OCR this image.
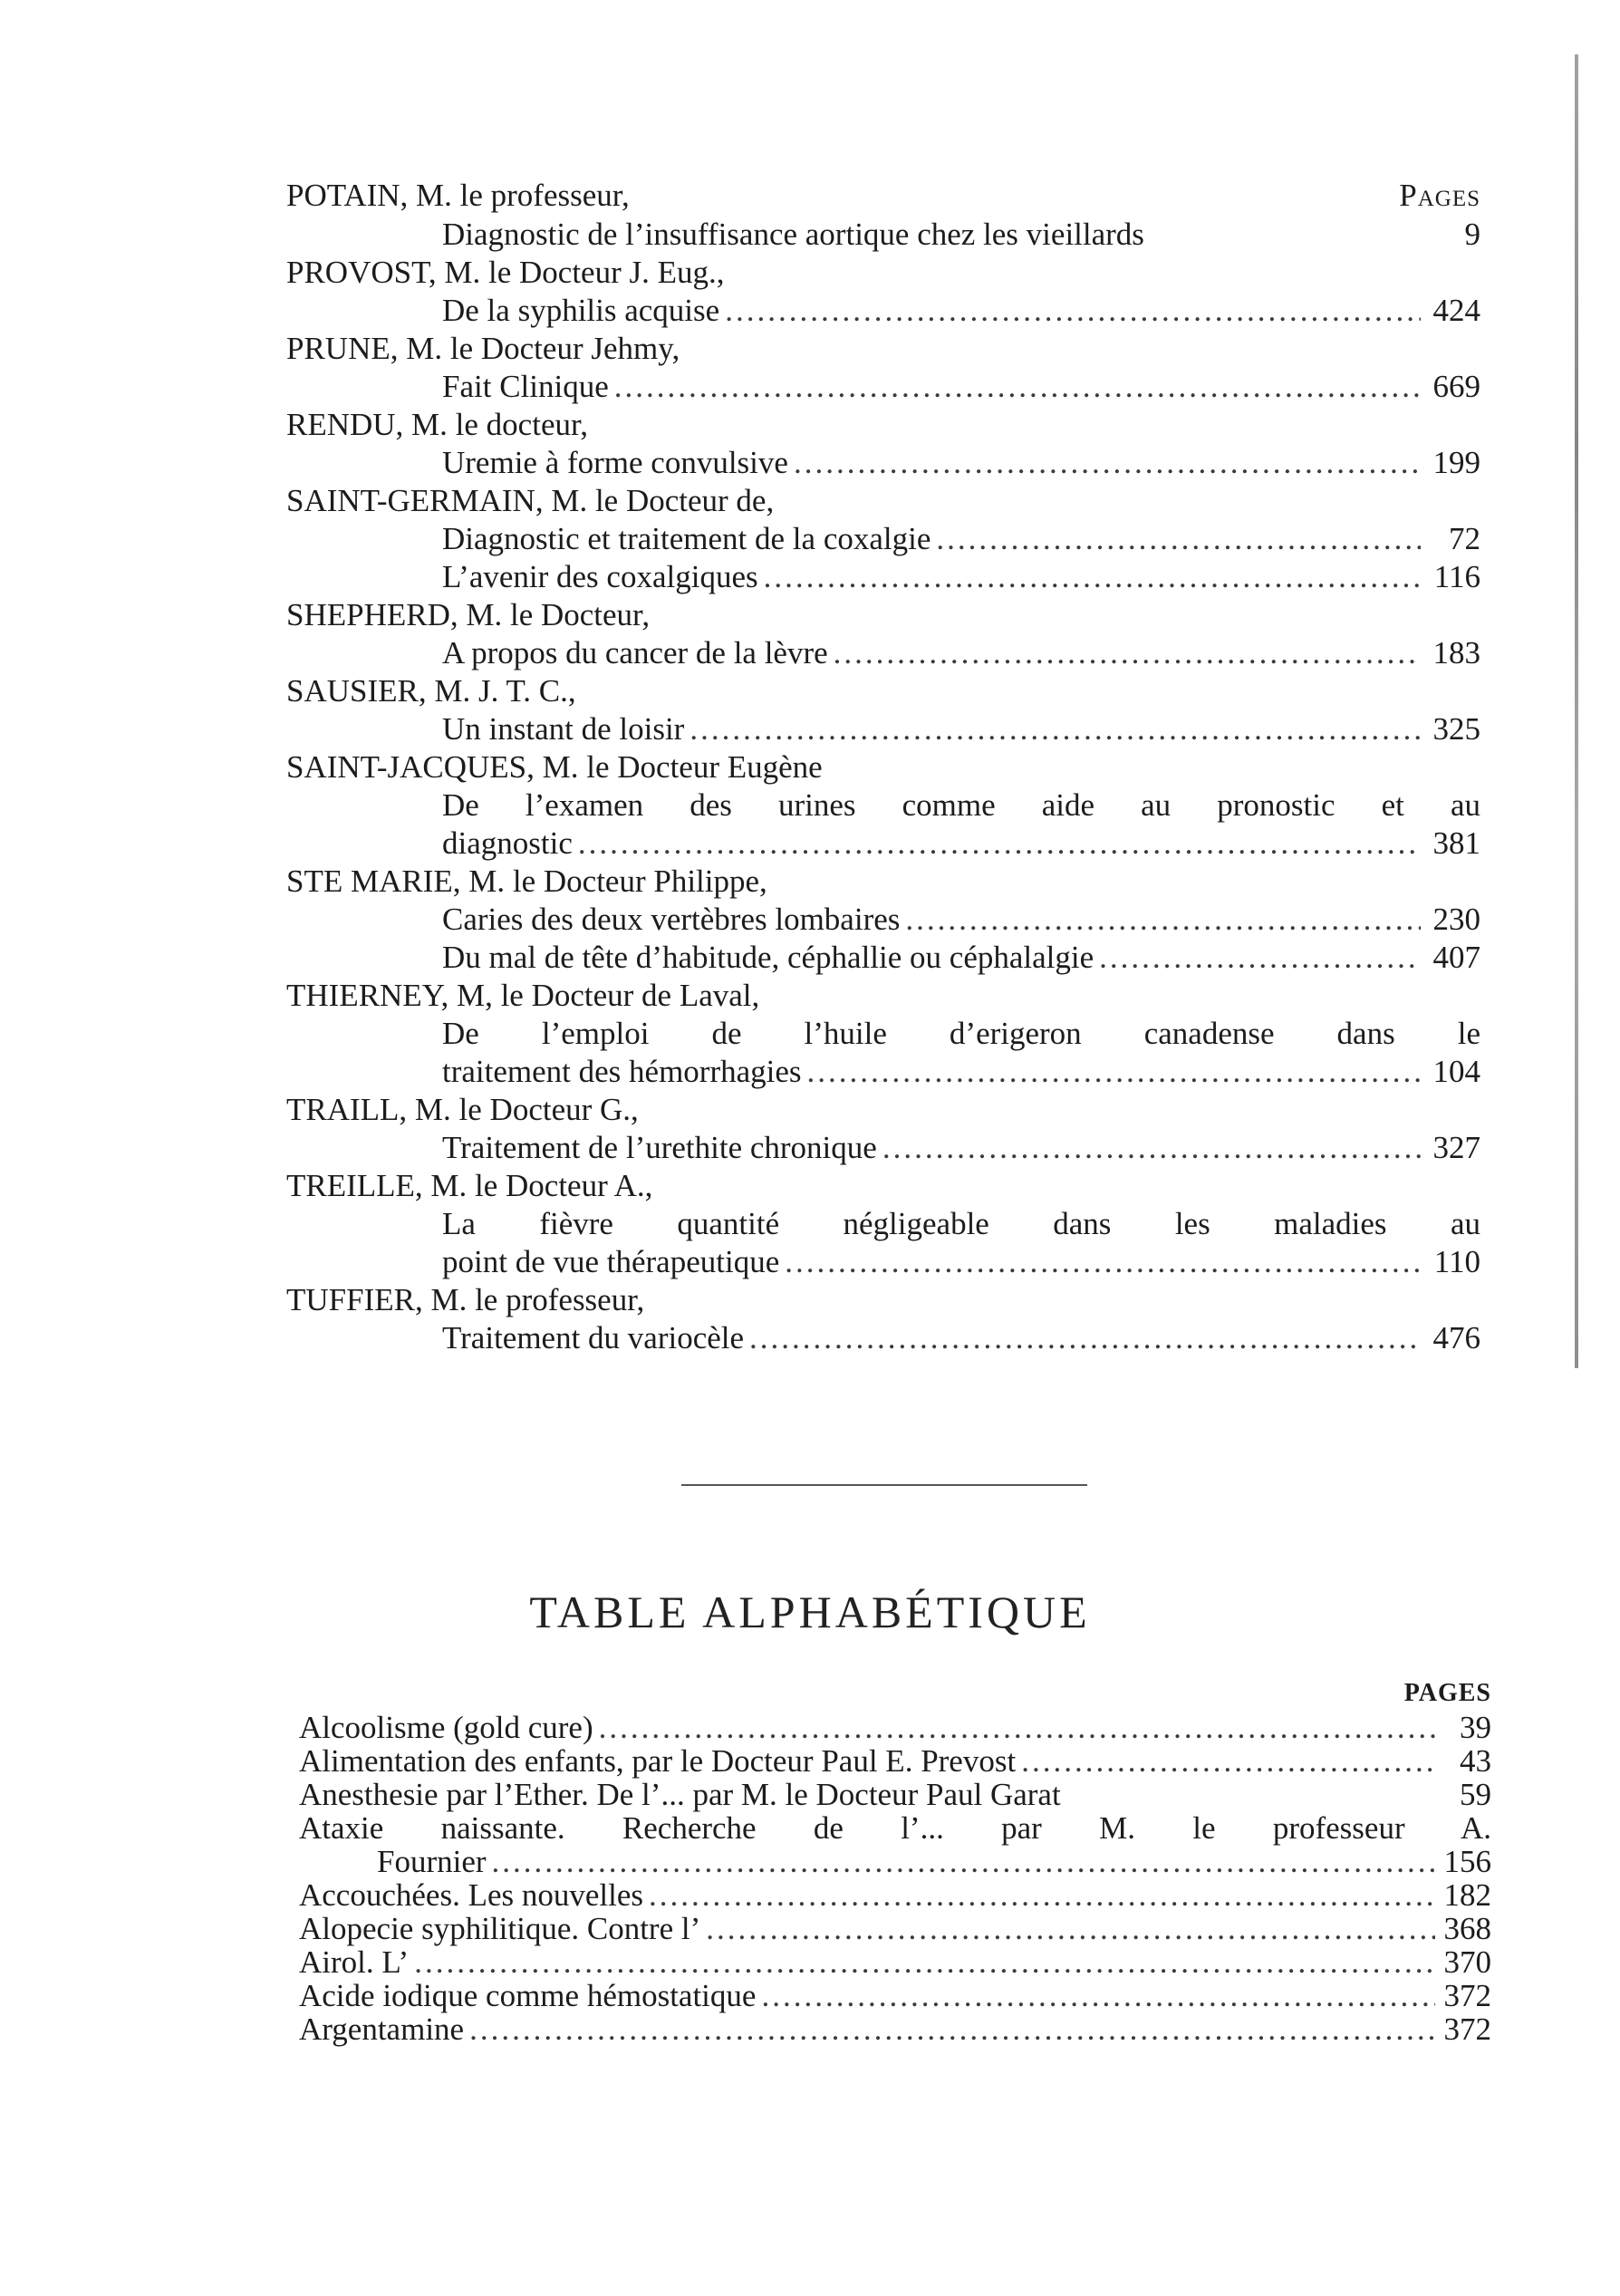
POTAIN, M. le professeur,	Pages
Diagnostic de l’insuffisance aortique chez les vieillards	9
PROVOST, M. le Docteur J. Eug.,
De la syphilis acquise .....	424
PRUNE, M. le Docteur Jehmy,
Fait Clinique .....	669
RENDU, M. le docteur,
Uremie à forme convulsive .....	199
SAINT-GERMAIN, M. le Docteur de,
Diagnostic et traitement de la coxalgie .....	72
L’avenir des coxalgiques .....	116
SHEPHERD, M. le Docteur,
A propos du cancer de la lèvre .....	183
SAUSIER, M. J. T. C.,
Un instant de loisir .....	325
SAINT-JACQUES, M. le Docteur Eugène
De l’examen des urines comme aide au pronostic et au
diagnostic .....	381
STE MARIE, M. le Docteur Philippe,
Caries des deux vertèbres lombaires .....	230
Du mal de tête d’habitude, céphallie ou céphalalgie .....	407
THIERNEY, M, le Docteur de Laval,
De l’emploi de l’huile d’erigeron canadense dans le
traitement des hémorrhagies .....	104
TRAILL, M. le Docteur G.,
Traitement de l’urethite chronique .....	327
TREILLE, M. le Docteur A.,
La fièvre quantité négligeable dans les maladies au
point de vue thérapeutique .....	110
TUFFIER, M. le professeur,
Traitement du variocèle .....	476
TABLE ALPHABÉTIQUE
PAGES
Alcoolisme (gold cure) .....	39
Alimentation des enfants, par le Docteur Paul E. Prevost .....	43
Anesthesie par l’Ether. De l’... par M. le Docteur Paul Garat	59
Ataxie naissante. Recherche de l’... par M. le professeur A.
Fournier .....	156
Accouchées. Les nouvelles .....	182
Alopecie syphilitique. Contre l’ .....	368
Airol. L’ .....	370
Acide iodique comme hémostatique .....	372
Argentamine .....	372
